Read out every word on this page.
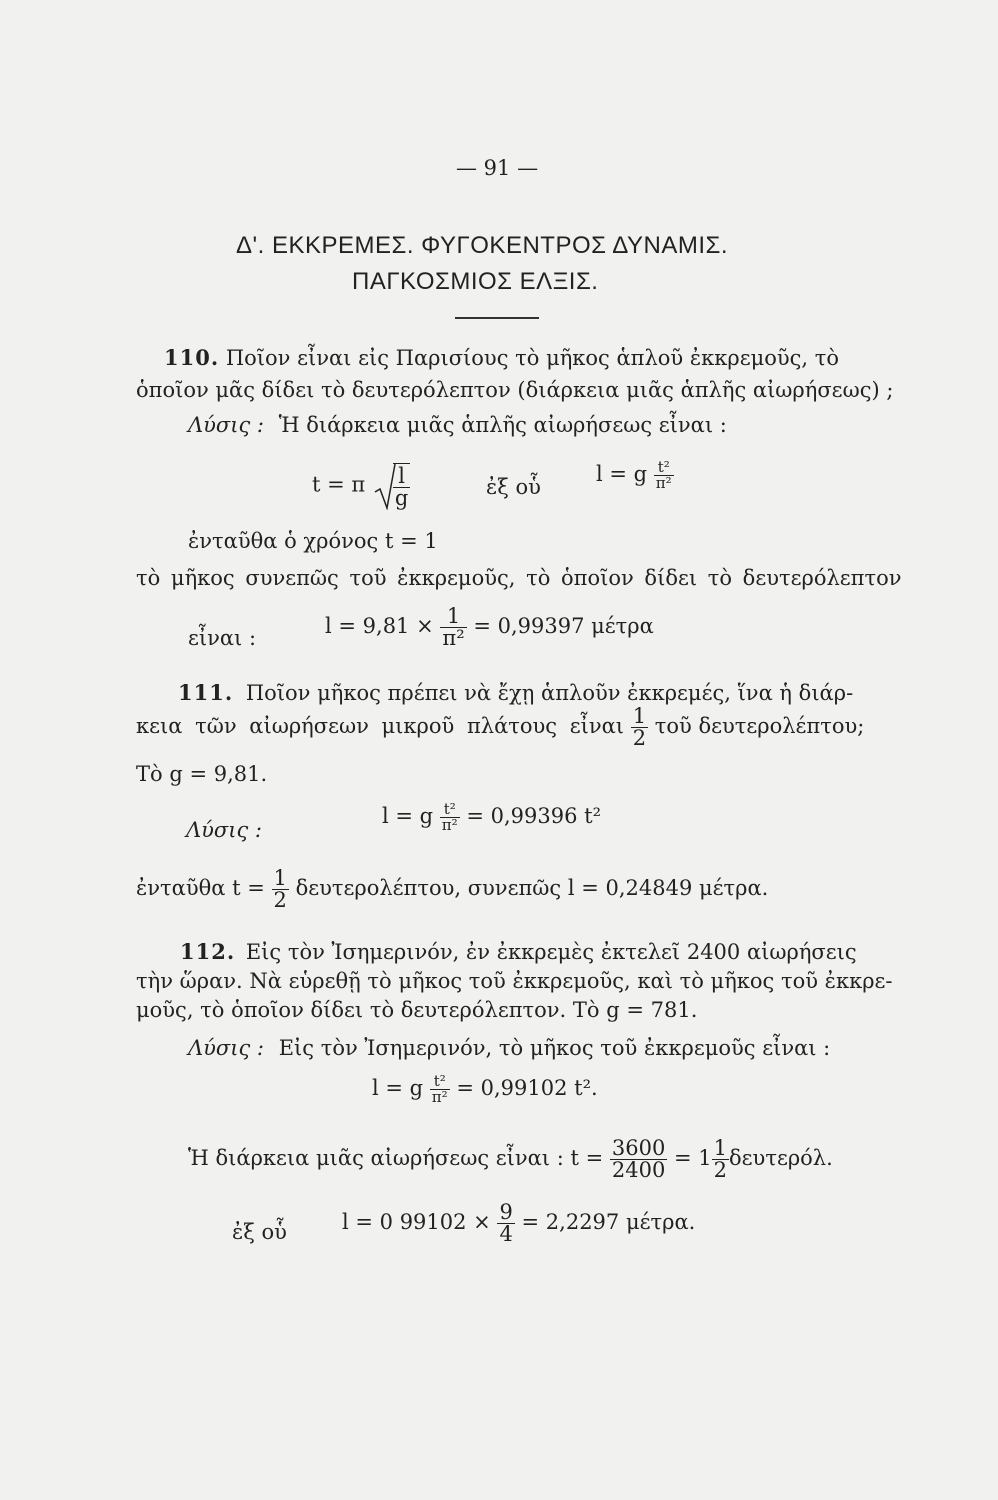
— 91 —
Δ'. ΕΚΚΡΕΜΕΣ. ΦΥΓΟΚΕΝΤΡΟΣ ΔΥΝΑΜΙΣ.
ΠΑΓΚΟΣΜΙΟΣ ΕΛΞΙΣ.
110. Ποῖον εἶναι εἰς Παρισίους τὸ μῆκος ἁπλοῦ ἐκκρεμοῦς, τὸ
ὁποῖον μᾶς δίδει τὸ δευτερόλεπτον (διάρκεια μιᾶς ἁπλῆς αἰωρήσεως) ;
Λύσις : Ἡ διάρκεια μιᾶς ἁπλῆς αἰωρήσεως εἶναι :
t = π $\frac{l}{g}$	ἐξ οὗ
l = g $\frac{\text{t²}}{\text{π²}}$
ἐνταῦθα ὁ χρόνος t = 1
τὸ μῆκος συνεπῶς τοῦ ἐκκρεμοῦς, τὸ ὁποῖον δίδει τὸ δευτερόλεπτον
εἶναι :	$l = 9,81 \times \frac{1}{\text{π²}} = 0,99397$ μέτρα
111. Ποῖον μῆκος πρέπει νὰ ἔχῃ ἁπλοῦν ἐκκρεμές, ἵνα ἡ διάρ-
κεια τῶν αἰωρήσεων μικροῦ πλάτους εἶναι $\frac{1}{2}$ τοῦ δευτερολέπτου;
Τὸ g = 9,81.
Λύσις :
l = g $\frac{\text{t²}}{\text{π²}} = 0,99396$ t²
ἐνταῦθα $t = \frac{1}{2} \delta\varepsilon\upsilon\tau\varepsilon\rho o\lambda έ\pi\tau o\upsilon$, συνεπῶς l = 0,24849 μέτρα.
112. Εἰς τὸν Ἰσημερινόν, ἐν ἐκκρεμὲς ἐκτελεῖ 2400 αἰωρήσεις
τὴν ὥραν. Νὰ εὑρεθῇ τὸ μῆκος τοῦ ἐκκρεμοῦς, καὶ τὸ μῆκος τοῦ ἐκκρε-
μοῦς, τὸ ὁποῖον δίδει τὸ δευτερόλεπτον. Τὸ g = 781.
Λύσις : Εἰς τὸν Ἰσημερινόν, τὸ μῆκος τοῦ ἐκκρεμοῦς εἶναι :
l = g $\frac{\text{t²}}{\text{π²}} = 0,99102$ t².
Ἡ διάρκεια μιᾶς αἰωρήσεως εἶναι : $t = \frac{3600}{2400} = 1 \frac{1}{2} \delta\varepsilon\upsilon\tau\varepsilon\rho ό\lambda$.
ἐξ οὗ	l = 0 $99102 \times \frac{9}{4} = 2,2297$ μέτρα.
